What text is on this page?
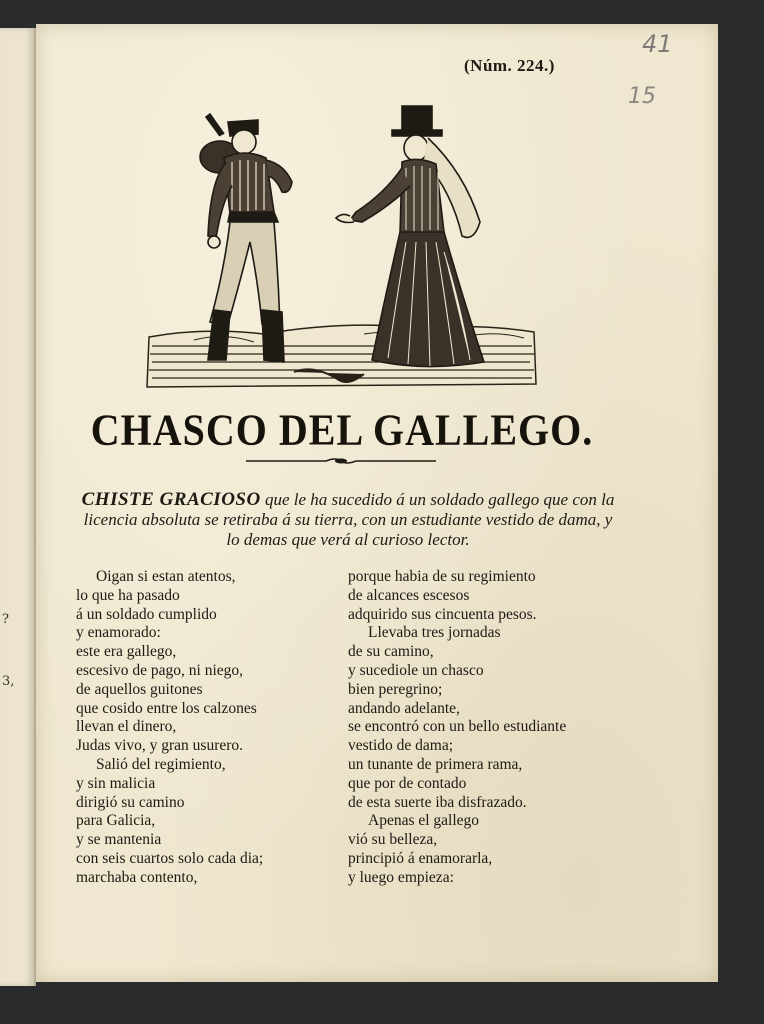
?
3,
(Núm. 224.)
41
15
CHASCO DEL GALLEGO.
CHISTE GRACIOSO que le ha sucedido á un soldado gallego que con la licencia absoluta se retiraba á su tierra, con un estudiante vestido de dama, y lo demas que verá al curioso lector.
Oigan si estan atentos,
lo que ha pasado
á un soldado cumplido
y enamorado:
este era gallego,
escesivo de pago, ni niego,
de aquellos guitones
que cosido entre los calzones
llevan el dinero,
Judas vivo, y gran usurero.
Salió del regimiento,
y sin malicia
dirigió su camino
para Galicia,
y se mantenia
con seis cuartos solo cada dia;
marchaba contento,
porque habia de su regimiento
de alcances escesos
adquirido sus cincuenta pesos.
Llevaba tres jornadas
de su camino,
y sucediole un chasco
bien peregrino;
andando adelante,
se encontró con un bello estudiante
vestido de dama;
un tunante de primera rama,
que por de contado
de esta suerte iba disfrazado.
Apenas el gallego
vió su belleza,
principió á enamorarla,
y luego empieza:
